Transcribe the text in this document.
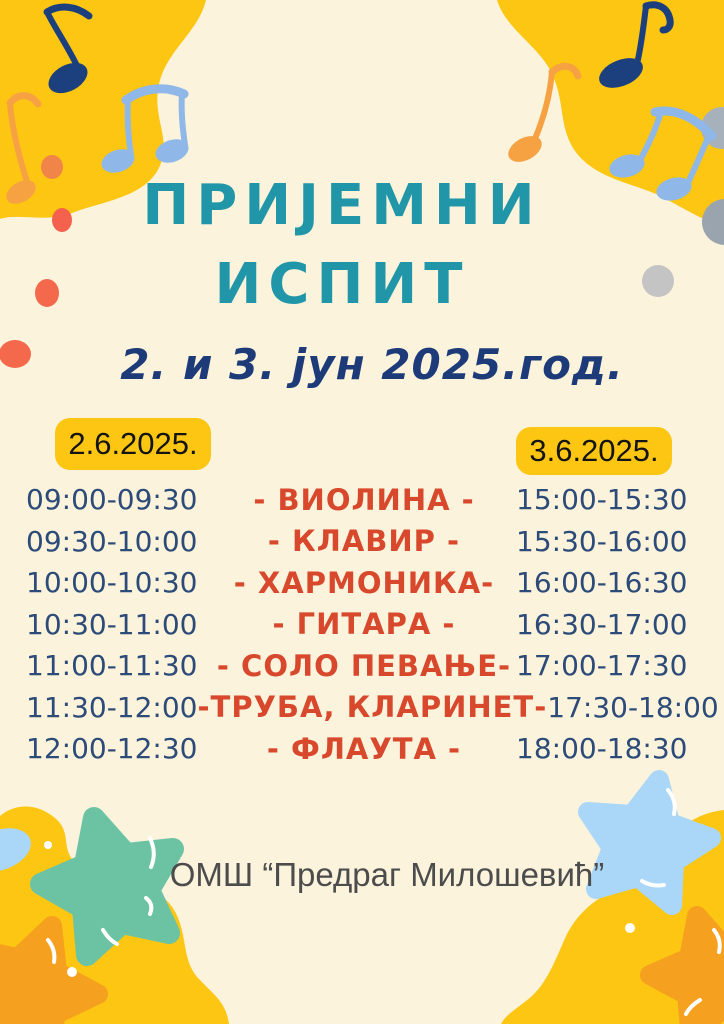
ПРИЈЕМНИ
ИСПИТ
2. и 3. јун 2025.год.
2.6.2025.	3.6.2025.
09:00-09:30	- ВИОЛИНА -	15:00-15:30
09:30-10:00	- КЛАВИР -	15:30-16:00
10:00-10:30	- ХАРМОНИКА- 16:00-16:30
10:30-11:00	- ГИТАРА -	16:30-17:00
11:00-11:30 - СОЛО ПЕВАЊЕ- 17:00-17:30
11:30-12:00 -ТРУБА, КЛАРИНЕТ- 17:30-18:00
12:00-12:30	- ФЛАУТА -	18:00-18:30
ОМШ “Предраг Милошевић”
